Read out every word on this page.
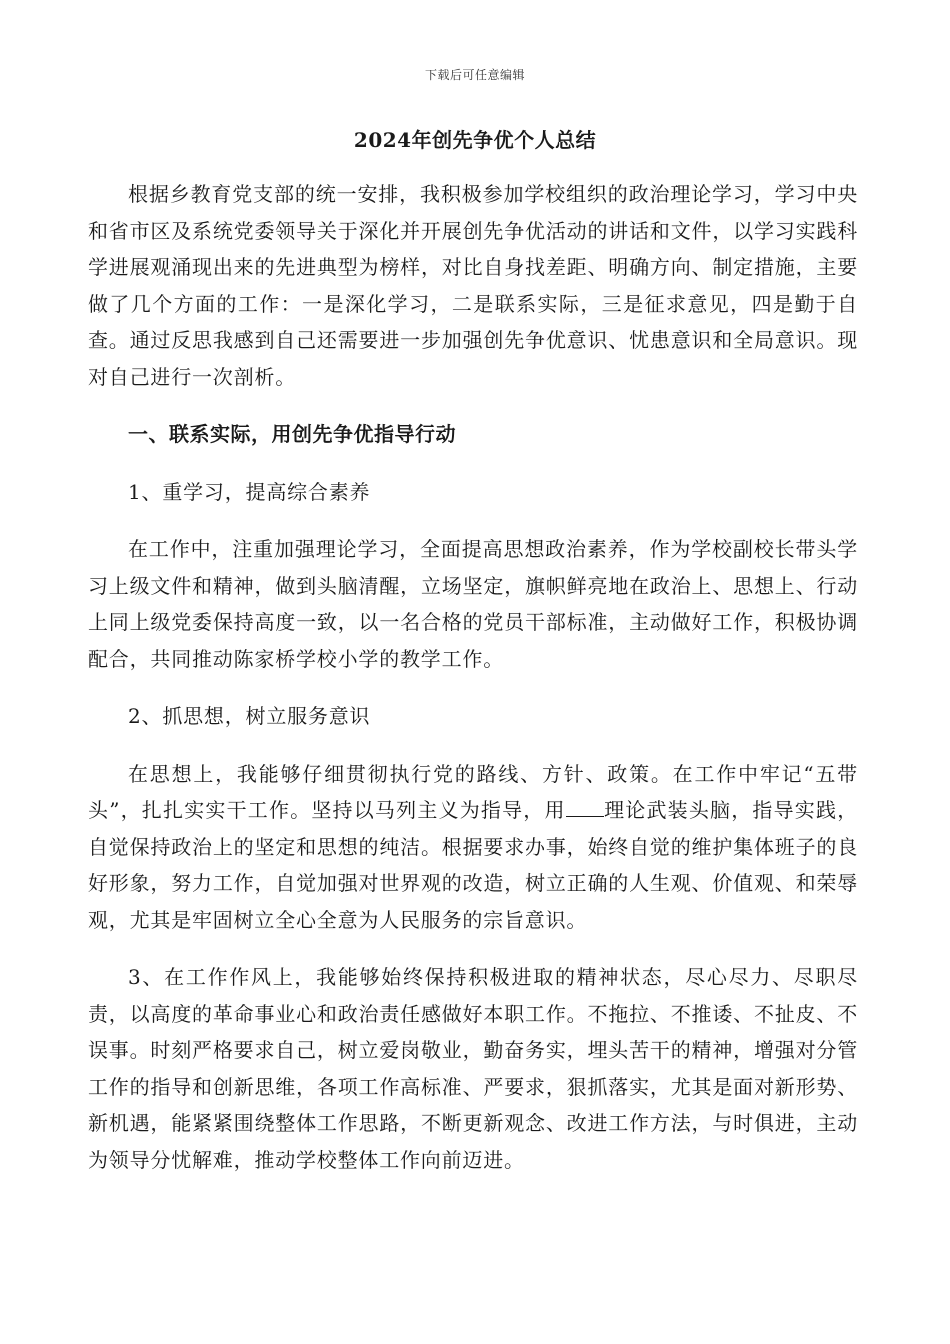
下载后可任意编辑
2024年创先争优个人总结

根据乡教育党支部的统一安排，我积极参加学校组织的政治理论学习，学习中央和省市区及系统党委领导关于深化并开展创先争优活动的讲话和文件，以学习实践科学进展观涌现出来的先进典型为榜样，对比自身找差距、明确方向、制定措施，主要做了几个方面的工作：一是深化学习，二是联系实际，三是征求意见，四是勤于自查。通过反思我感到自己还需要进一步加强创先争优意识、忧患意识和全局意识。现对自己进行一次剖析。

一、联系实际，用创先争优指导行动

1、重学习，提高综合素养

在工作中，注重加强理论学习，全面提高思想政治素养，作为学校副校长带头学习上级文件和精神，做到头脑清醒，立场坚定，旗帜鲜亮地在政治上、思想上、行动上同上级党委保持高度一致，以一名合格的党员干部标准，主动做好工作，积极协调配合，共同推动陈家桥学校小学的教学工作。

2、抓思想，树立服务意识

在思想上，我能够仔细贯彻执行党的路线、方针、政策。在工作中牢记“五带头”，扎扎实实干工作。坚持以马列主义为指导，用 理论武装头脑，指导实践，自觉保持政治上的坚定和思想的纯洁。根据要求办事，始终自觉的维护集体班子的良好形象，努力工作，自觉加强对世界观的改造，树立正确的人生观、价值观、和荣辱观，尤其是牢固树立全心全意为人民服务的宗旨意识。

3、在工作作风上，我能够始终保持积极进取的精神状态，尽心尽力、尽职尽责，以高度的革命事业心和政治责任感做好本职工作。不拖拉、不推诿、不扯皮、不误事。时刻严格要求自己，树立爱岗敬业，勤奋务实，埋头苦干的精神，增强对分管工作的指导和创新思维，各项工作高标准、严要求，狠抓落实，尤其是面对新形势、新机遇，能紧紧围绕整体工作思路，不断更新观念、改进工作方法，与时俱进，主动为领导分忧解难，推动学校整体工作向前迈进。
